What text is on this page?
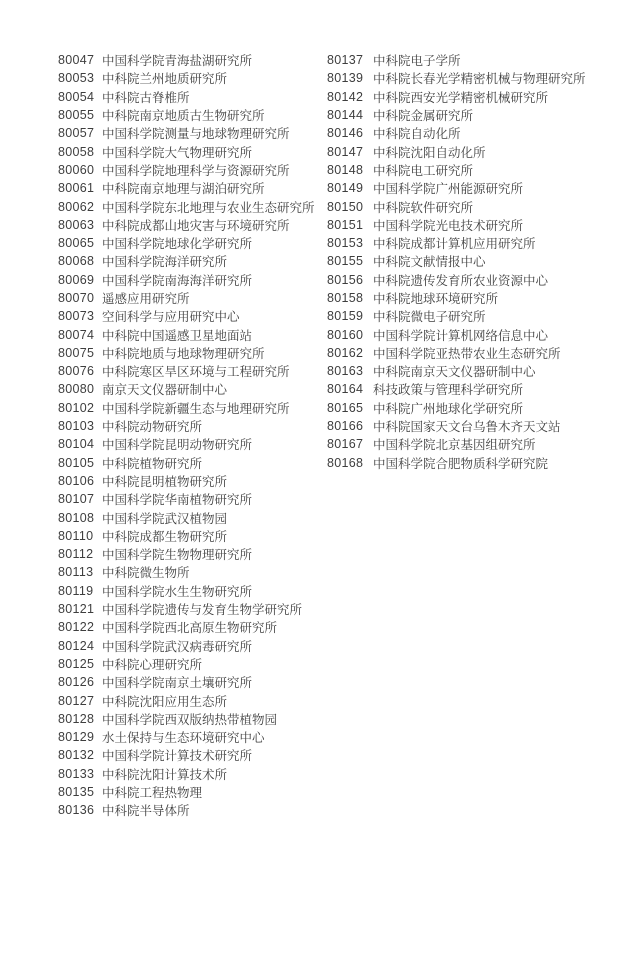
80047 中国科学院青海盐湖研究所
80053 中科院兰州地质研究所
80054 中科院古脊椎所
80055 中科院南京地质古生物研究所
80057 中国科学院测量与地球物理研究所
80058 中国科学院大气物理研究所
80060 中国科学院地理科学与资源研究所
80061 中科院南京地理与湖泊研究所
80062 中国科学院东北地理与农业生态研究所
80063 中科院成都山地灾害与环境研究所
80065 中国科学院地球化学研究所
80068 中国科学院海洋研究所
80069 中国科学院南海海洋研究所
80070 遥感应用研究所
80073 空间科学与应用研究中心
80074 中科院中国遥感卫星地面站
80075 中科院地质与地球物理研究所
80076 中科院寒区旱区环境与工程研究所
80080 南京天文仪器研制中心
80102 中国科学院新疆生态与地理研究所
80103 中科院动物研究所
80104 中国科学院昆明动物研究所
80105 中科院植物研究所
80106 中科院昆明植物研究所
80107 中国科学院华南植物研究所
80108 中国科学院武汉植物园
80110 中科院成都生物研究所
80112 中国科学院生物物理研究所
80113 中科院微生物所
80119 中国科学院水生生物研究所
80121 中国科学院遗传与发育生物学研究所
80122 中国科学院西北高原生物研究所
80124 中国科学院武汉病毒研究所
80125 中科院心理研究所
80126 中国科学院南京土壤研究所
80127 中科院沈阳应用生态所
80128 中国科学院西双版纳热带植物园
80129 水土保持与生态环境研究中心
80132 中国科学院计算技术研究所
80133 中科院沈阳计算技术所
80135 中科院工程热物理
80136 中科院半导体所
80137 中科院电子学所
80139 中科院长春光学精密机械与物理研究所
80142 中科院西安光学精密机械研究所
80144 中科院金属研究所
80146 中科院自动化所
80147 中科院沈阳自动化所
80148 中科院电工研究所
80149 中国科学院广州能源研究所
80150 中科院软件研究所
80151 中国科学院光电技术研究所
80153 中科院成都计算机应用研究所
80155 中科院文献情报中心
80156 中科院遗传发育所农业资源中心
80158 中科院地球环境研究所
80159 中科院微电子研究所
80160 中国科学院计算机网络信息中心
80162 中国科学院亚热带农业生态研究所
80163 中科院南京天文仪器研制中心
80164 科技政策与管理科学研究所
80165 中科院广州地球化学研究所
80166 中科院国家天文台乌鲁木齐天文站
80167 中国科学院北京基因组研究所
80168 中国科学院合肥物质科学研究院
